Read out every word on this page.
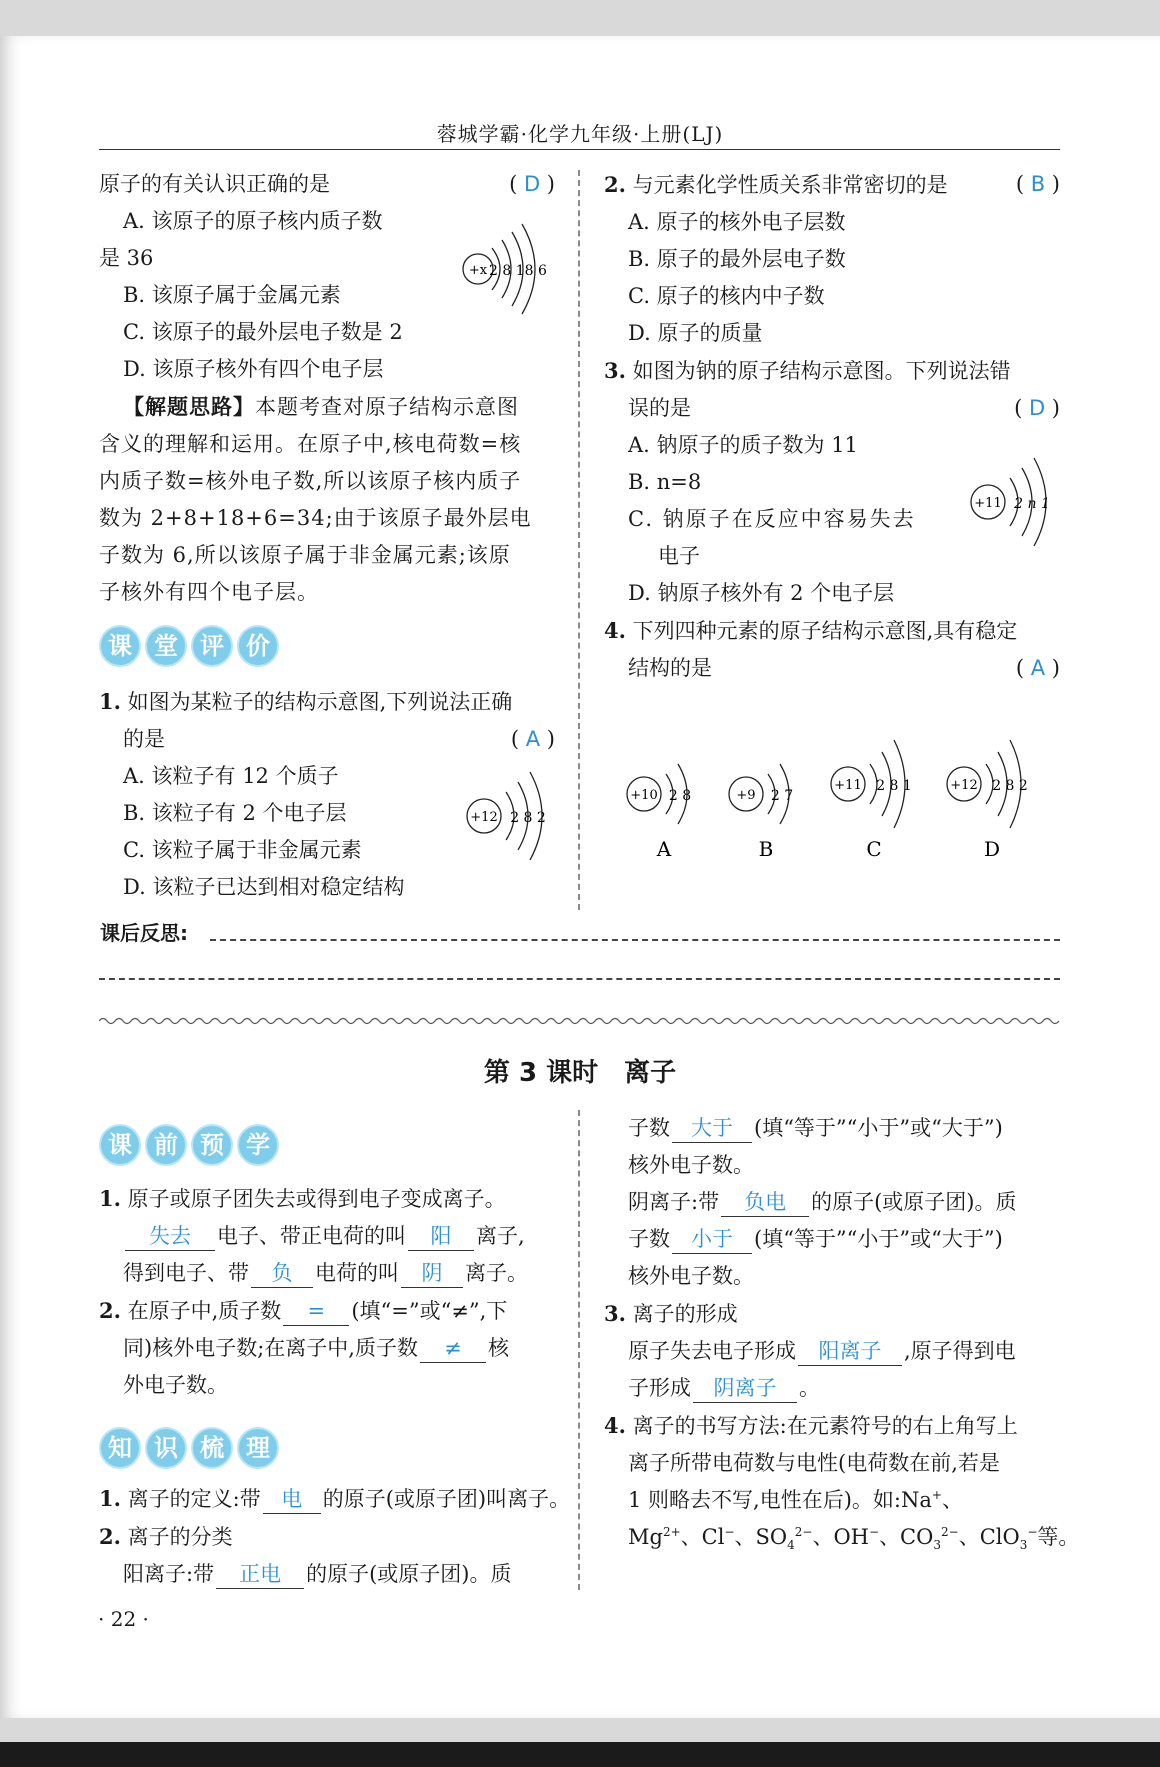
蓉城学霸·化学九年级·上册(LJ)
原子的有关认识正确的是	( D )
A. 该原子的原子核内质子数
是 36
B. 该原子属于金属元素
C. 该原子的最外层电子数是 2
D. 该原子核外有四个电子层
【解题思路】本题考查对原子结构示意图
含义的理解和运用。在原子中,核电荷数=核
内质子数=核外电子数,所以该原子核内质子
数为 2+8+18+6=34;由于该原子最外层电
子数为 6,所以该原子属于非金属元素;该原
子核外有四个电子层。
+x 2 8 18 6
课 堂 评 价
1. 如图为某粒子的结构示意图,下列说法正确
的是	( A )
A. 该粒子有 12 个质子
B. 该粒子有 2 个电子层
C. 该粒子属于非金属元素
D. 该粒子已达到相对稳定结构
+12 2 8 2
2. 与元素化学性质关系非常密切的是	( B )
A. 原子的核外电子层数
B. 原子的最外层电子数
C. 原子的核内中子数
D. 原子的质量
3. 如图为钠的原子结构示意图。下列说法错
误的是	( D )
A. 钠原子的质子数为 11
B. n=8
C. 钠原子在反应中容易失去
电子
D. 钠原子核外有 2 个电子层
4. 下列四种元素的原子结构示意图,具有稳定
结构的是	( A )
+11 2 n 1
+10 2 8
A
+9 2 7
B
+11 2 8 1
C
+12 2 8 2
D
课后反思:
第 3 课时　离子
课 前 预 学
1. 原子或原子团失去或得到电子变成离子。
失去 电子、带正电荷的叫 阳 离子,
得到电子、带 负 电荷的叫 阴 离子。
2. 在原子中,质子数 = (填“=”或“≠”,下
同)核外电子数;在离子中,质子数 ≠ 核
外电子数。
知 识 梳 理
1. 离子的定义:带 电 的原子(或原子团)叫离子。
2. 离子的分类
阳离子:带 正电 的原子(或原子团)。质
子数 大于 (填“等于”“小于”或“大于”)
核外电子数。
阴离子:带 负电 的原子(或原子团)。质
子数 小于 (填“等于”“小于”或“大于”)
核外电子数。
3. 离子的形成
原子失去电子形成 阳离子 ,原子得到电
子形成 阴离子 。
4. 离子的书写方法:在元素符号的右上角写上
离子所带电荷数与电性(电荷数在前,若是
1 则略去不写,电性在后)。如:Na+、
$Mg^{2+}$、Cl−、$SO_4^{2-}$、OH−、$CO_3^{2-}$、ClO$_3$−等。
· 22 ·
